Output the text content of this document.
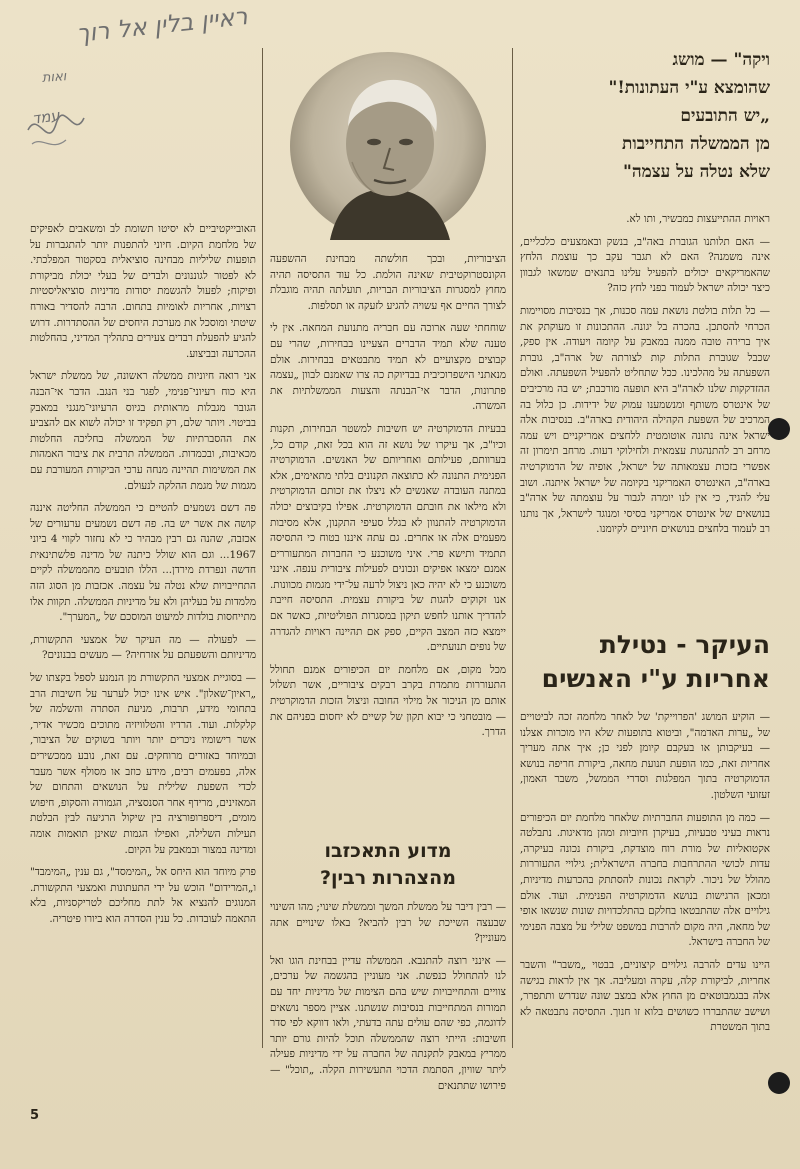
ראיין בלין אל רוך
ואות
עמד
ויקה" — מושג
שהומצא ע"י העתונות!"
„יש התובעים
מן הממשלה התחייבות
שלא נטלה על עצמה"

ראויות ההתייעצות כמבשיר, ותו לא.

— האם תלותנו הגוברת באה"ב, בנשק ובאמצעים כלכליים, אינה משמנה? האם לא תגבר עקב כך עוצמת הלחץ שהאמריקאים יכולים להפעיל עלינו בתנאים שמשאו לגבוון כיצד יכולה ישראל לעמוד בפני לחץ כזה?

— כל תלות בולטת נושאת עמה סכנות, אך בנסיבות מסויימות הכרחי להסתכן. בהכרה בל יגונה. ההתכונות זו מעוקתק את איך ברירה טובה ממנה במאבק על קיומה ויעודה. אין ספק, שכבל שגוברת התלות קות לצורתה של ארה"ב, גוברת השפעתה על מהלכינו. ככל שתחליט להפעיל השפעתה. ואולם ההזדקקות שלנו לארה"ב היא תופעה מורכבת; יש בה מרכיבים של אינטרס משותף ומנשמענו עמוק של ידידות. כן כלול בה המרכיב של השפעת הקהילה היהודית בארה"ב. בנסיבות אלה ישראל אינה נתונה אוטומטית ללחצים אמריקניים ויש עמה מרחב רב להתנהגות עצמאית ולחילוקי דעות. מרחב תימרון זה אפשרי בזכות עצמאותה של ישראל, אופיה של הדמוקרטיה בארה"ב, האינטרס האמריקני בקיומה של ישראל איתנה. ושוב עלי להגיד, כי אין לנו יומרה לגבור על עוצמתה של ארה"ב בנושאים של אינטרס אמריקני בסיסי ומנוגד לישראל, אך נותנו רב לעמוד בלחצים בנושאים חיוניים לקיומנו.

העיקר - נטילת
אחריות ע"י האנשים

— הוקיע המושג 'הפרוייקת' של לאחר מלחמה זכה לביטויים של „ערות האדמה", וביטוא בתופעות שלא היו מוכרות אצלנו — בעיקבותן או בעקבם קיומן לפני כן; איך אתה מעריך אחריות זאת, כמו הופעת תנועת מחאה, ביקורת חריפה בנושא הדמוקרטיה בתוך המפלגות וסדרי הממשל, משבר האמון, זעזועי השלטון.

— כמה מן התופעות החברתיות שלאחר מלחמת יום הכיפורים נראות בעיני טבעיות, בעיקרן חיוביות ומהן מדאיגות. נתבלטה אקטואליות של מורת רוח מוצדקת, ביקורת נכונה בעיקרה, עדות לכושי ההתרחבות בחברה הישראלית; גילויי התעוררות מהולל של ניכור. לקראת נכונות להסתתק בהכרעות מדיניות, ומכאן הרגישות בנושא הדמוקרטיה הפנימית. ועוד. אולם גילויים אלה שהתבטאו בחלקם בהתלכדויות שונות שנשאו אופי של מחאה, היה מקום להרבות במשפט שלילי על מצבה הפנימי של החברה בישראל.

היינו עדים להרבה גילויים קיצוניים, בבטוי „משבר" והשבר אחריות, לביקורת קלה, עקרה ומעליבה. אך אין לראות בגישה אלה בבגמבוטאים מן החוץ אלא במצב שונה שנדרש ותתפרר, ושישב שהתבררו כשושים בלוא זו חנוך. התסיסה נתבטאה לא בתוך המשטרת

הציבוריות, ובכך חולשתה מבחינת ההשפעה הקונסטרוקטיבית שאינה הולמת. כל עוד התסיסה תהיה מחוץ למסגרות הציבוריות הבריות, תועלתה תהיה מוגבלת לצורך החיים אף עשויה להגיע לזעקה או תסלפות.

שוחחתי שעה ארוכה עם חבריה מתנועת המחאה. אין לי טענה שלא תמיד הדברים הצעיינו בבחירות, שהרי עם קבוצים מקצועיים לא תמיד מתבטאים בבחירות. אולם מנאתני הישפרוכיבית בבדיוקת כה צרו שאמנם לבוון „עצמה פתרונות, הדבר אי־הבנתה והצעות הממשלתיות את המשרה.

בבעיות הדמוקרטיה יש חשיבות למשטר הבחירות, תקנות וכיו"ב, אך עיקרו של נושא זה הוא בכל זאת, קודם כל, בערוותם, פעילותם ואחריותם של האנשים. הדמוקרטיה הפנימית התנונה לא כתוצאה תקנונים בלתי מתאימים, אלא במתנה העובדה שאנשים לא ניצלו את זכותם הדמוקרטית ולא מילאו את חובתם הדמוקרטית. אפילו בקיבוצים יכולה הדמוקרטיה להתנוון לא בגלל סעיפי התקנון, אלא מסיבות מפעמים אלה או אחרים. גם עתה איננו בטוח כי התסיסה תתמיד ותישא פרי. איני משוכנע כי החברות המתעוררים אמנם ימצאו אפיקים ונכונים לפעילות ציבורית ענפה. אינני משוכנע כי לא יהיה כאן ניצול לרעה על־ידי מגמות מכוונות. אנו זקוקים להגות של ביקורת עצמית. התסיסה חייבת להדריך אותנו לחפש תיקון במסגרות הפוליטיות, כאשר אם יימצא כזה המצב הקיים, ספק אם תהיינה ראויות להגדרה של נופים תנועתיים.

מכל מקום, אם מלחמת יום הכיפורים אמנם תחולל התעוררות מתמדת בקרב רבקים ציבוריים, אשר תשלול אותם מן הניכור אל מילוי החובה וניצול הזכות הדמוקרטית — מובטחני כי יבוא תקון של קשיים לא יחסום בפניהם את הדרך.

מדוע התאכזבו
מהצהרות רבין?

— רבין דיבר על ממשלת המשך וממשלת שינוי; מהו השינוי שבעצה השייכת של רבין להביא? באלו שינויים אתה מעוניין?

— אינני רוצה להתנבא. הממשלה עדיין בבחינת הוגו ואל לנו להתחולל כנפשת. אני מעוניין בהגשמה של ערכים, צוויים והתחייבויות שיש בהם הצימות של מדיניות יחד עם תמורות המתחייבות בנסיבות שנשתנו. אציין מספר נושאים לדוגמה, כפי שהם עולים עתה בדעתי, ולאו דווקא לפי סדר חשיבות: הייתי רוצה שהממשלה תוכל להיות גורם יותר ממריץ במאבק לתקנתה של החברה על ידי מדיניות פעילה ליתר שוויון, הסתמת הדכוי התעשירות הקלה. „תוכל" — פירושו שתתנאים

האובייקטיביים לא יסיטו תשומת לב ומשאבים לאפיקים של מלחמת הקיום. חיוני להתפנות יותר להתגברות על תופעות שליליות מבחינה סוציאלית בסקטור המפלכתי. לא לפטור לגוננונים ולבדים של בעלי יכולת מביקורת ופיקוח; לפעול להגשמת יסודות מדיניות סוציאליסטיות רצויות, אחריות לאומיות בתחום. הרבה להסדיר באורח שיטתי ומוסכל את מערכת היחסים של ההסתדרות. דרוש להגיע להפעלת רבדים צעירים בתהליך המדיני, בהחלטות ההכרעה ובביצוע.

אני רואה חיוניות ממשלה ראשונה, של ממשלת ישראל היא כוח רעיוני־פנימי, לפגר בני הנגב. הדבר אי־הבנה הגובר מגבלות מראותית בגיוס הרעיוני־מנגני במאבק בביטוי. ויותר שלם, רק תפקיד זו יכולה לשוא אם להצביע את ההסברתיות של הממשלה בחליכה החלטות מכאיבות, ובכמדות. הממשלה תרבית את ציבור האמהות את המשימות תהיינה מנחה ערכי הביקורת המעורבת עם מגמות של מגמת ההלקה לנעולם.

פה דשם נשמעים להטיים כי הממשלה החליטה איננה קושה את אשר יש בה. פה דשם נשמעים ערעורים של אכזבה, שהנה גם רבין מבהיר כי לא נחזור לקווי 4 ביוני 1967... וגם הוא שולל כיתנה של מדינה פלשתינאית חדשה ונפרדת מירדן... הללו תובעים מהממשלה לקיים התחייבויות שלא נטלה על עצמה. אכזבות מן הסוג הזה מלמדות על בעליהן ולא על מדיניות הממשלה. תקוות אלו מתייחסות בולדות למיעוט המוסכם של „המערך".

— לפעולה — מה העיקר של אמצעי התקשורת, מדיניותם והשפעתם על אזרחיה? — מעשים בבנונים?

— בסוגיית אמצעי התקשורת מן הנמנע לספל בקצתו של „ראיון־שאלון". איש אינו יכול לערער על חשיבות הרב בתחומי מידע, תרבות, מניעת הסתרה והשלמה של קלקלות. ועוד. הרדיו והטלוויזיה מתוכים מכשיר אדיר, אשר רישומיו ניכרים יותר ויותר בשוקים של הציבור, ובמיוחד באזורים מרוחקים. עם זאת, נובע ממכשירים אלה, בפעמים רבים, מידע כוזב או מסולף אשר מעבר לכדי השפעת שלילית על הנושאים והתחום של המאזינים, מרידף אחר הסנסציה, הגמורה והסקופ, חיפוש מומים, דיספרופורציה בין שיקול הרגיעה לבין הבלטת תעילות השלילה, ואפילו הגמות שאינן תואמות אומה ומדינה במצור ובמאבק על הקיום.

פרק מיוחד הוא היחס אל „המימסד", גם ענין „המימבד" ו„המרידום" הוכש על ידי התעתונות ואמצעי התקשורת. המנוגים להנציא אל לתת מחליכם לטריקסניות, בלא התאמה לעובדות. כל ענין הסדרה הוא ביורו פיטריה.

5
